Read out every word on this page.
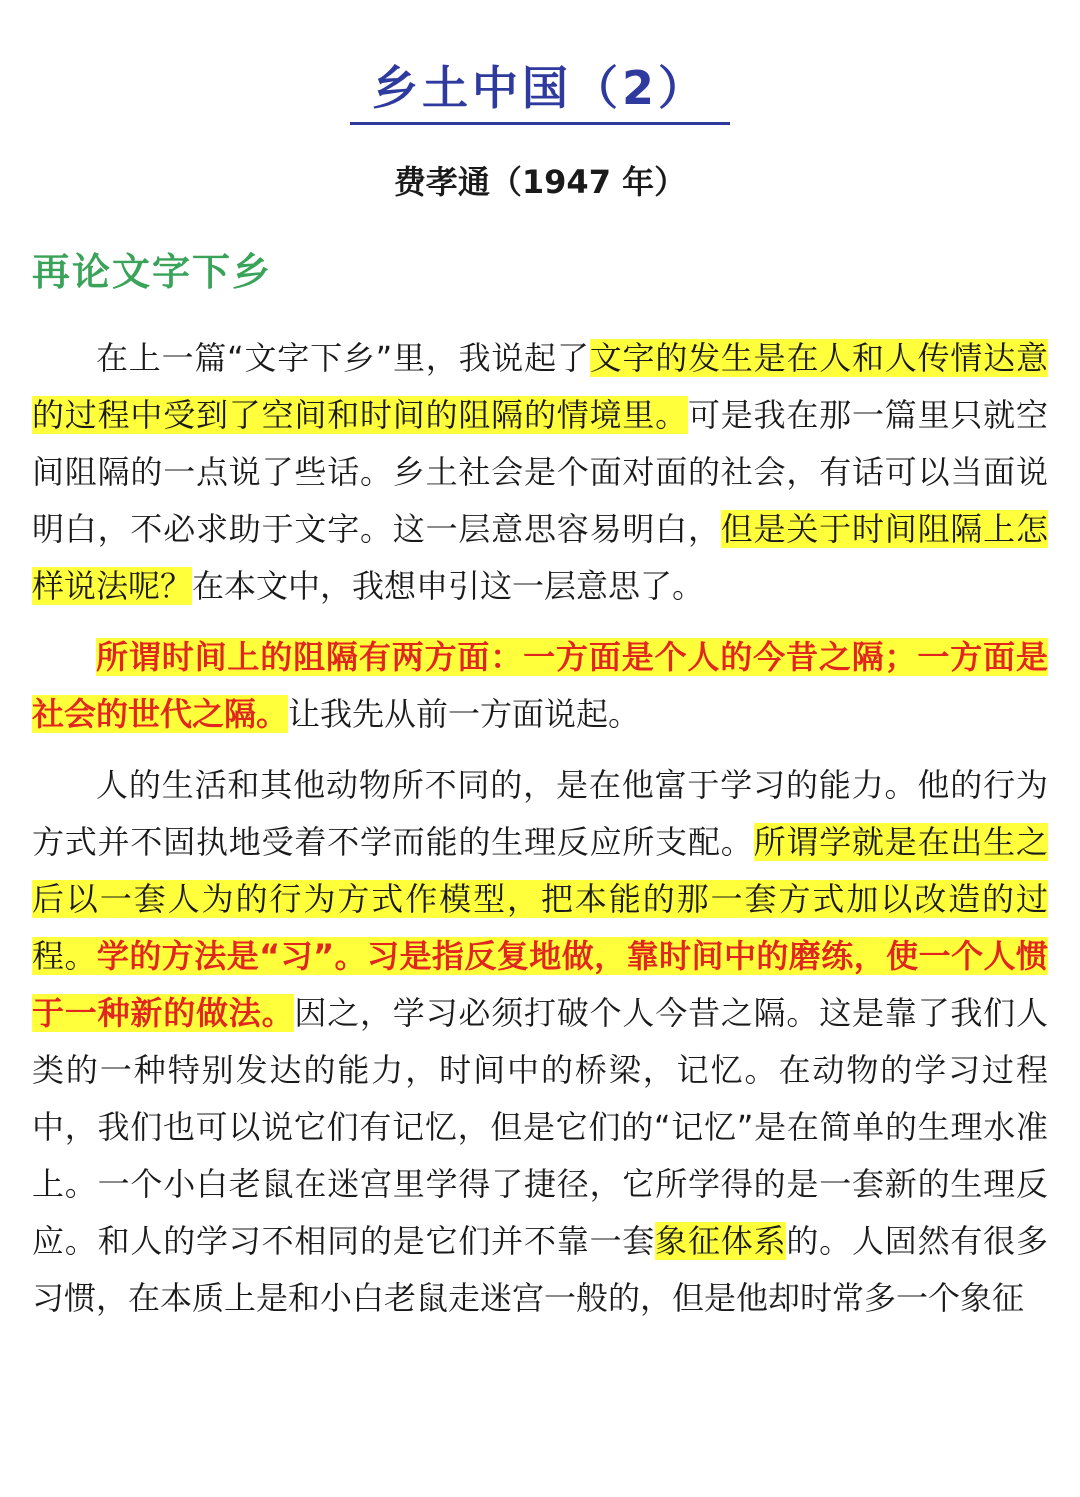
乡土中国（2）
费孝通（1947 年）
再论文字下乡

在上一篇“文字下乡”里，我说起了文字的发生是在人和人传情达意的过程中受到了空间和时间的阻隔的情境里。可是我在那一篇里只就空间阻隔的一点说了些话。乡土社会是个面对面的社会，有话可以当面说明白，不必求助于文字。这一层意思容易明白，但是关于时间阻隔上怎样说法呢？在本文中，我想申引这一层意思了。

所谓时间上的阻隔有两方面：一方面是个人的今昔之隔；一方面是社会的世代之隔。让我先从前一方面说起。

人的生活和其他动物所不同的，是在他富于学习的能力。他的行为方式并不固执地受着不学而能的生理反应所支配。所谓学就是在出生之后以一套人为的行为方式作模型，把本能的那一套方式加以改造的过程。学的方法是“习”。习是指反复地做，靠时间中的磨练，使一个人惯于一种新的做法。因之，学习必须打破个人今昔之隔。这是靠了我们人类的一种特别发达的能力，时间中的桥梁，记忆。在动物的学习过程中，我们也可以说它们有记忆，但是它们的“记忆”是在简单的生理水准上。一个小白老鼠在迷宫里学得了捷径，它所学得的是一套新的生理反应。和人的学习不相同的是它们并不靠一套象征体系的。人固然有很多习惯，在本质上是和小白老鼠走迷宫一般的，但是他却时常多一个象征
